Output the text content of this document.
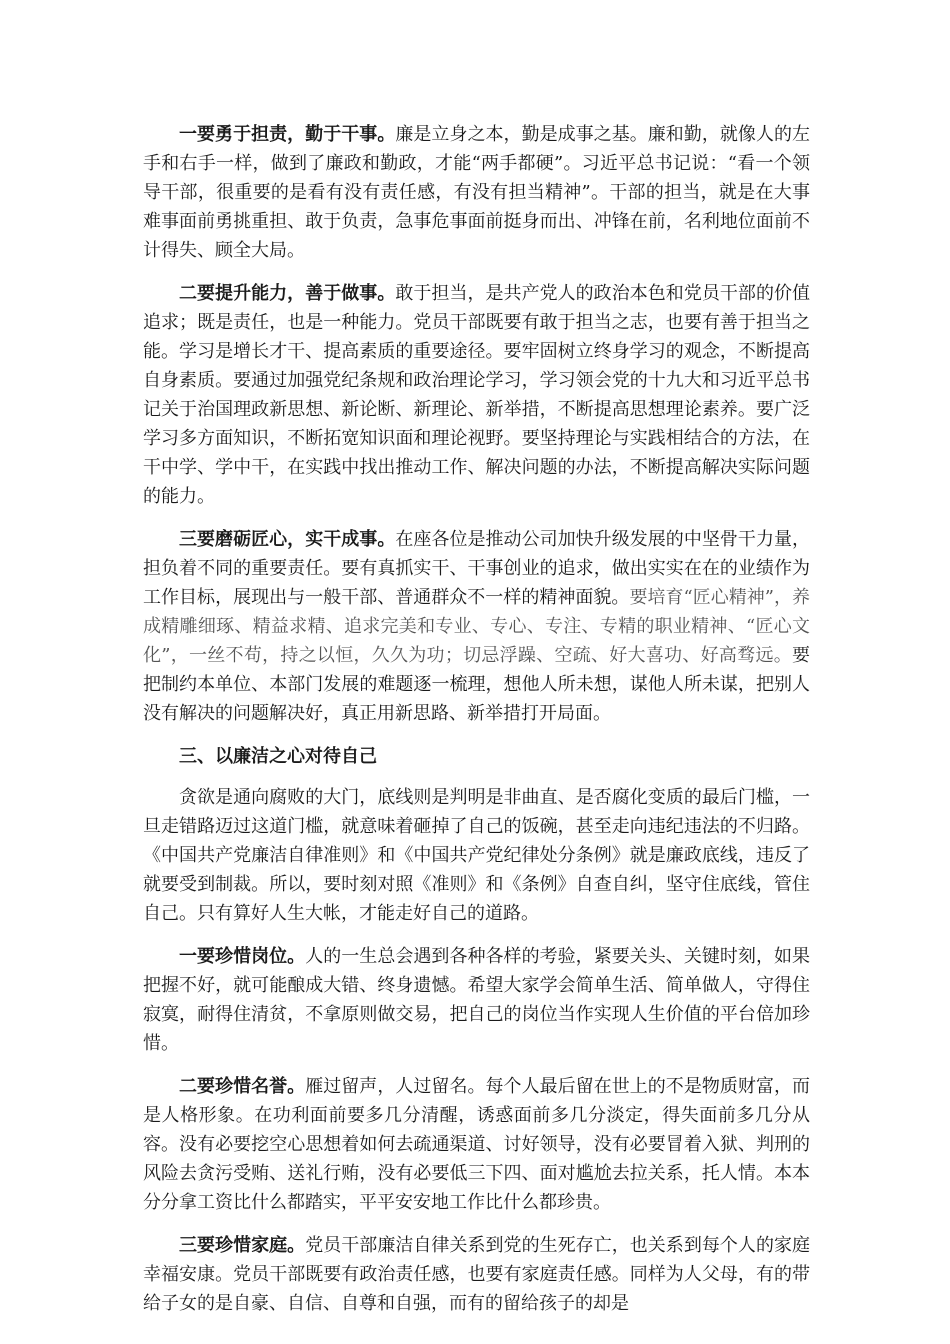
一要勇于担责，勤于干事。廉是立身之本，勤是成事之基。廉和勤，就像人的左手和右手一样，做到了廉政和勤政，才能“两手都硬”。习近平总书记说：“看一个领导干部，很重要的是看有没有责任感，有没有担当精神”。干部的担当，就是在大事难事面前勇挑重担、敢于负责，急事危事面前挺身而出、冲锋在前，名利地位面前不计得失、顾全大局。

二要提升能力，善于做事。敢于担当，是共产党人的政治本色和党员干部的价值追求；既是责任，也是一种能力。党员干部既要有敢于担当之志，也要有善于担当之能。学习是增长才干、提高素质的重要途径。要牢固树立终身学习的观念，不断提高自身素质。要通过加强党纪条规和政治理论学习，学习领会党的十九大和习近平总书记关于治国理政新思想、新论断、新理论、新举措，不断提高思想理论素养。要广泛学习多方面知识，不断拓宽知识面和理论视野。要坚持理论与实践相结合的方法，在干中学、学中干，在实践中找出推动工作、解决问题的办法，不断提高解决实际问题的能力。

三要磨砺匠心，实干成事。在座各位是推动公司加快升级发展的中坚骨干力量，担负着不同的重要责任。要有真抓实干、干事创业的追求，做出实实在在的业绩作为工作目标，展现出与一般干部、普通群众不一样的精神面貌。要培育“匠心精神”，养成精雕细琢、精益求精、追求完美和专业、专心、专注、专精的职业精神、“匠心文化”，一丝不苟，持之以恒，久久为功；切忌浮躁、空疏、好大喜功、好高骛远。要把制约本单位、本部门发展的难题逐一梳理，想他人所未想，谋他人所未谋，把别人没有解决的问题解决好，真正用新思路、新举措打开局面。

三、以廉洁之心对待自己

贪欲是通向腐败的大门，底线则是判明是非曲直、是否腐化变质的最后门槛，一旦走错路迈过这道门槛，就意味着砸掉了自己的饭碗，甚至走向违纪违法的不归路。《中国共产党廉洁自律准则》和《中国共产党纪律处分条例》就是廉政底线，违反了就要受到制裁。所以，要时刻对照《准则》和《条例》自查自纠，坚守住底线，管住自己。只有算好人生大帐，才能走好自己的道路。

一要珍惜岗位。人的一生总会遇到各种各样的考验，紧要关头、关键时刻，如果把握不好，就可能酿成大错、终身遗憾。希望大家学会简单生活、简单做人，守得住寂寞，耐得住清贫，不拿原则做交易，把自己的岗位当作实现人生价值的平台倍加珍惜。

二要珍惜名誉。雁过留声，人过留名。每个人最后留在世上的不是物质财富，而是人格形象。在功利面前要多几分清醒，诱惑面前多几分淡定，得失面前多几分从容。没有必要挖空心思想着如何去疏通渠道、讨好领导，没有必要冒着入狱、判刑的风险去贪污受贿、送礼行贿，没有必要低三下四、面对尴尬去拉关系，托人情。本本分分拿工资比什么都踏实，平平安安地工作比什么都珍贵。

三要珍惜家庭。党员干部廉洁自律关系到党的生死存亡，也关系到每个人的家庭幸福安康。党员干部既要有政治责任感，也要有家庭责任感。同样为人父母，有的带给子女的是自豪、自信、自尊和自强，而有的留给孩子的却是
